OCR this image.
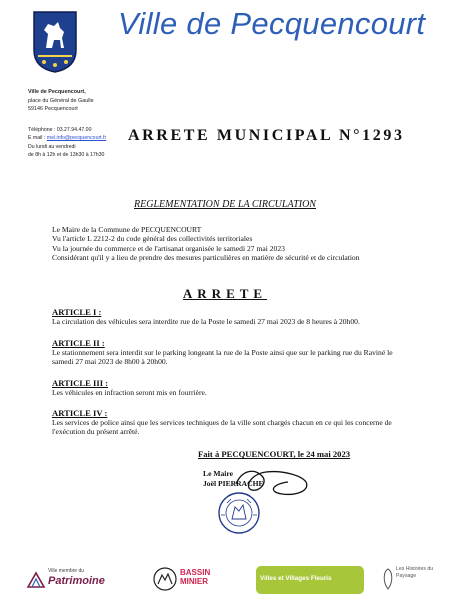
Ville de Pecquencourt
Ville de Pecquencourt,
place du Général de Gaulle
59146 Pecquencourt
Téléphone : 03.27.94.47.00
E mail : mel.info@pecquencourt.fr
Du lundi au vendredi
de 8h à 12h et de 13h30 à 17h30
ARRETE MUNICIPAL N°1293
REGLEMENTATION DE LA CIRCULATION
Le Maire de la Commune de PECQUENCOURT
Vu l'article L 2212-2 du code général des collectivités territoriales
Vu la journée du commerce et de l'artisanat organisée le samedi 27 mai 2023
Considérant qu'il y a lieu de prendre des mesures particulières en matière de sécurité et de circulation
ARRETE
ARTICLE I :
La circulation des véhicules sera interdite rue de la Poste le samedi 27 mai 2023 de 8 heures à 20h00.
ARTICLE II :
Le stationnement sera interdit sur le parking longeant la rue de la Poste ainsi que sur le parking rue du Raviné le samedi 27 mai 2023 de 8h00 à 20h00.
ARTICLE III :
Les véhicules en infraction seront mis en fourrière.
ARTICLE IV :
Les services de police ainsi que les services techniques de la ville sont chargés chacun en ce qui les concerne de l'exécution du présent arrêté.
Fait à PECQUENCOURT, le 24 mai 2023
Le Maire
Joël PIERRACHE
Ville membre du
Patrimoine
BASSIN
MINIER	Villes et Villages Fleuris
Les Histoires du Paysage
